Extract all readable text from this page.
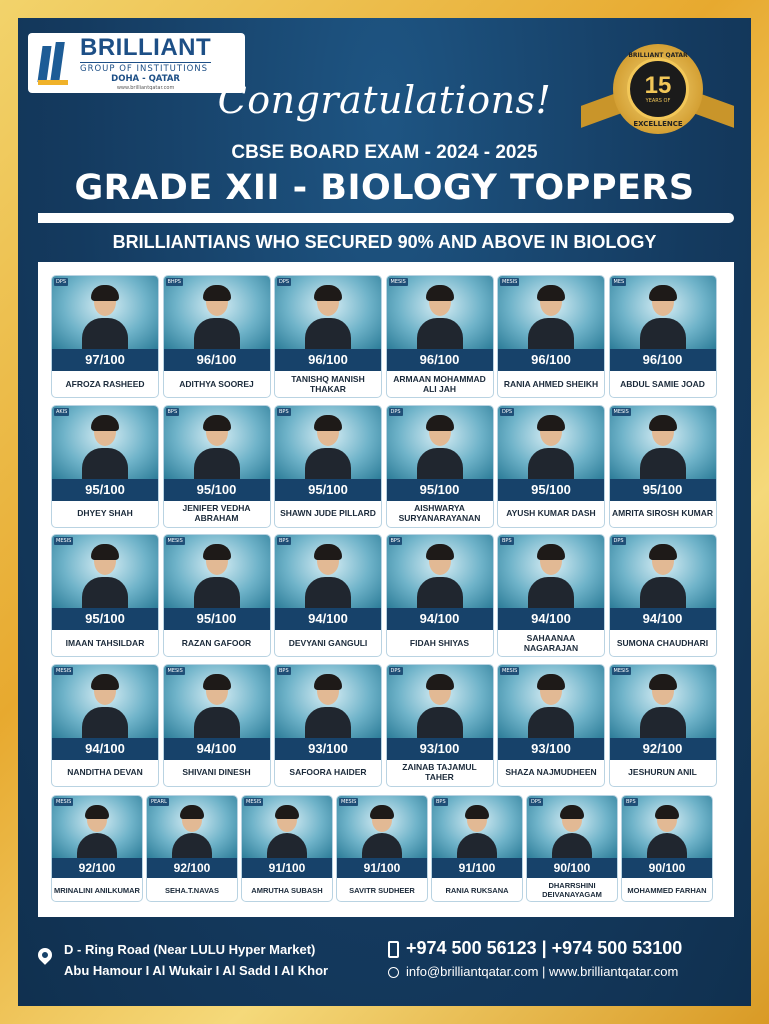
BRILLIANT
GROUP OF INSTITUTIONS
DOHA - QATAR
www.brilliantqatar.com	15
YEARS OF
BRILLIANT QATAR
EXCELLENCE
Congratulations!
CBSE BOARD EXAM - 2024 - 2025
GRADE XII - BIOLOGY TOPPERS
BRILLIANTIANS WHO SECURED 90% AND ABOVE IN BIOLOGY
DPS
97/100
AFROZA RASHEED
BHPS
96/100
ADITHYA SOOREJ
DPS
96/100
TANISHQ MANISH THAKAR
MESIS
96/100
ARMAAN MOHAMMAD ALI JAH
MESIS
96/100
RANIA AHMED SHEIKH
MES
96/100
ABDUL SAMIE JOAD
AKIS
95/100
DHYEY SHAH
BPS
95/100
JENIFER VEDHA ABRAHAM
BPS
95/100
SHAWN JUDE PILLARD
DPS
95/100
AISHWARYA SURYANARAYANAN
DPS
95/100
AYUSH KUMAR DASH
MESIS
95/100
AMRITA SIROSH KUMAR
MESIS
95/100
IMAAN TAHSILDAR
MESIS
95/100
RAZAN GAFOOR
BPS
94/100
DEVYANI GANGULI
BPS
94/100
FIDAH SHIYAS
BPS
94/100
SAHAANAA NAGARAJAN
DPS
94/100
SUMONA CHAUDHARI
MESIS
94/100
NANDITHA DEVAN
MESIS
94/100
SHIVANI DINESH
BPS
93/100
SAFOORA HAIDER
DPS
93/100
ZAINAB TAJAMUL TAHER
MESIS
93/100
SHAZA NAJMUDHEEN
MESIS
92/100
JESHURUN ANIL
MESIS
92/100
MRINALINI ANILKUMAR
PEARL
92/100
SEHA.T.NAVAS
MESIS
91/100
AMRUTHA SUBASH
MESIS
91/100
SAVITR SUDHEER
BPS
91/100
RANIA RUKSANA
DPS
90/100
DHARRSHINI DEIVANAYAGAM
BPS
90/100
MOHAMMED FARHAN
D - Ring Road (Near LULU Hyper Market)
Abu Hamour I Al Wukair I Al Sadd I Al Khor
+974 500 56123 | +974 500 53100
info@brilliantqatar.com | www.brilliantqatar.com
